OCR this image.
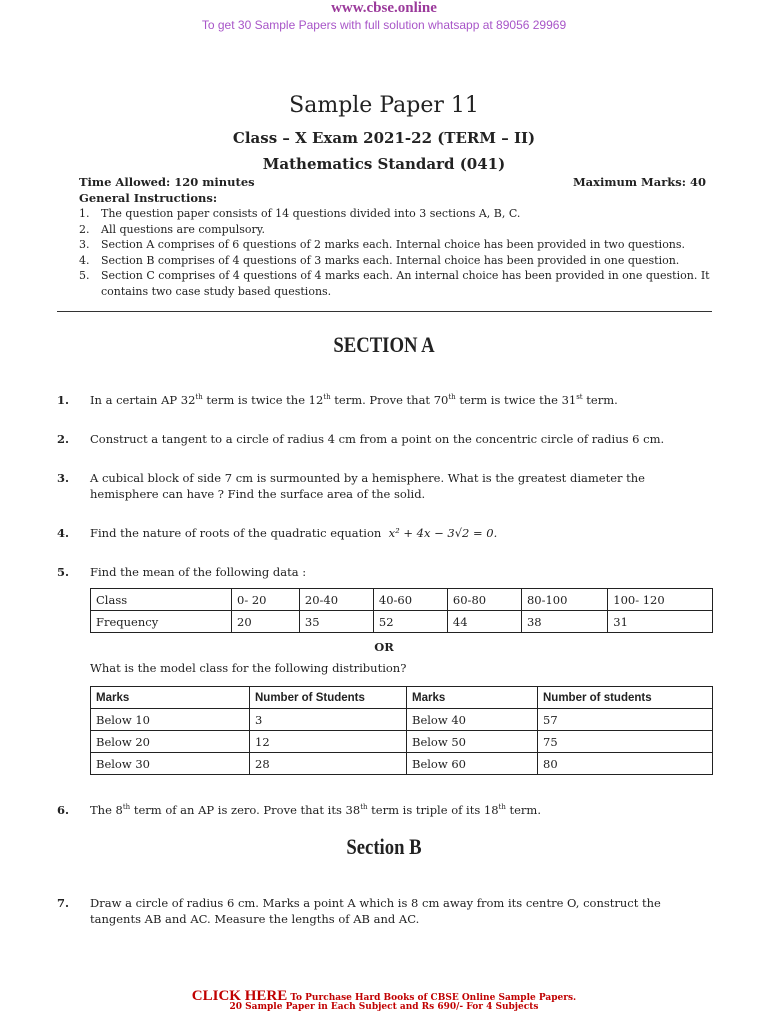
www.cbse.online
To get 30 Sample Papers with full solution whatsapp at 89056 29969
Sample Paper 11
Class – X Exam 2021-22 (TERM – II)
Mathematics Standard (041)
Time Allowed: 120 minutes	Maximum Marks: 40
General Instructions:
1.	The question paper consists of 14 questions divided into 3 sections A, B, C.
2.	All questions are compulsory.
3.	Section A comprises of 6 questions of 2 marks each. Internal choice has been provided in two questions.
4.	Section B comprises of 4 questions of 3 marks each. Internal choice has been provided in one question.
5.	Section C comprises of 4 questions of 4 marks each. An internal choice has been provided in one question. It contains two case study based questions.
SECTION A
1.	In a certain AP 32th term is twice the 12th term. Prove that 70th term is twice the 31st term.
2.	Construct a tangent to a circle of radius 4 cm from a point on the concentric circle of radius 6 cm.
3.	A cubical block of side 7 cm is surmounted by a hemisphere. What is the greatest diameter the hemisphere can have ? Find the surface area of the solid.
4.	Find the nature of roots of the quadratic equation x² + 4x − 3√2 = 0.
5.	Find the mean of the following data :
Class	0- 20	20-40	40-60	60-80	80-100	100- 120
Frequency	20	35	52	44	38	31
OR
What is the model class for the following distribution?
Marks	Number of Students	Marks	Number of students
Below 10	3	Below 40	57
Below 20	12	Below 50	75
Below 30	28	Below 60	80
6.	The 8th term of an AP is zero. Prove that its 38th term is triple of its 18th term.
Section B
7.	Draw a circle of radius 6 cm. Marks a point A which is 8 cm away from its centre O, construct the tangents AB and AC. Measure the lengths of AB and AC.
CLICK HERE To Purchase Hard Books of CBSE Online Sample Papers.
20 Sample Paper in Each Subject and Rs 690/- For 4 Subjects
